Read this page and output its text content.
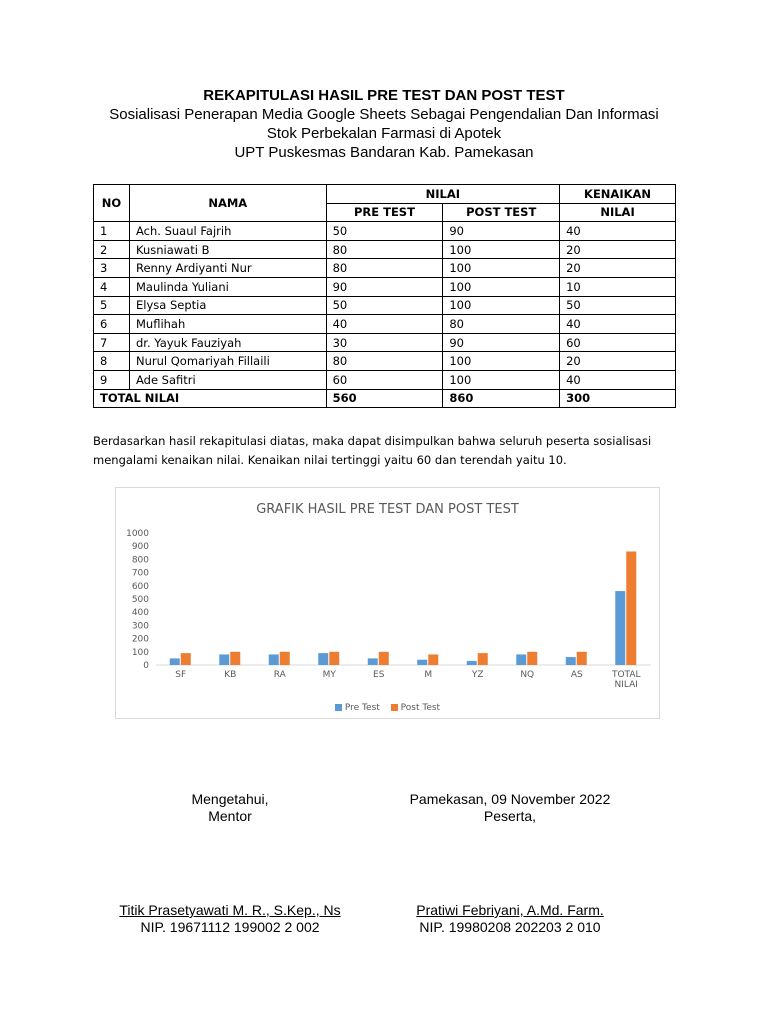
REKAPITULASI HASIL PRE TEST DAN POST TEST
Sosialisasi Penerapan Media Google Sheets Sebagai Pengendalian Dan Informasi
Stok Perbekalan Farmasi di Apotek
UPT Puskesmas Bandaran Kab. Pamekasan
NO	NAMA	NILAI		KENAIKAN
		PRE TEST	POST TEST	NILAI
1	Ach. Suaul Fajrih	50	90	40
2	Kusniawati B	80	100	20
3	Renny Ardiyanti Nur	80	100	20
4	Maulinda Yuliani	90	100	10
5	Elysa Septia	50	100	50
6	Muflihah	40	80	40
7	dr. Yayuk Fauziyah	30	90	60
8	Nurul Qomariyah Fillaili	80	100	20
9	Ade Safitri	60	100	40
TOTAL NILAI		560	860	300
Berdasarkan hasil rekapitulasi diatas, maka dapat disimpulkan bahwa seluruh peserta sosialisasi mengalami kenaikan nilai. Kenaikan nilai tertinggi yaitu 60 dan terendah yaitu 10.
GRAFIK HASIL PRE TEST DAN POST TEST
0
100
200
300
400
500
600
700
800
900
1000
SF	KB	RA	MY	ES	M	YZ	NQ	AS	TOTAL
NILAI
Pre Test Post Test
Mengetahui,
Mentor
Pamekasan, 09 November 2022
Peserta,
Titik Prasetyawati M. R., S.Kep., Ns
NIP. 19671112 199002 2 002
Pratiwi Febriyani, A.Md. Farm.
NIP. 19980208 202203 2 010
